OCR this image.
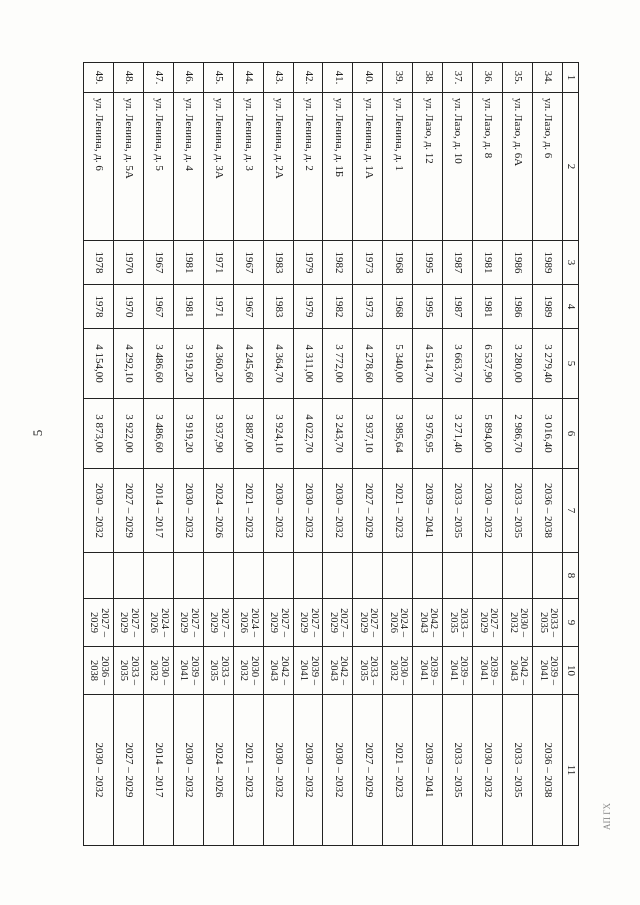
5
АП ГХ
1	2	3	4	5	6	7	8	9	10	11
34.	ул. Лазо, д. 6	1989	1989	3 279,40	3 016,40	2036 – 2038		2033 – 2035	2039 – 2041	2036 – 2038
35.	ул. Лазо, д. 6А	1986	1986	3 280,00	2 986,70	2033 – 2035		2030 – 2032	2042 – 2043	2033 – 2035
36.	ул. Лазо, д. 8	1981	1981	6 537,90	5 894,00	2030 – 2032		2027 – 2029	2039 – 2041	2030 – 2032
37.	ул. Лазо, д. 10	1987	1987	3 663,70	3 271,40	2033 – 2035		2033 – 2035	2039 – 2041	2033 – 2035
38.	ул. Лазо, д. 12	1995	1995	4 514,70	3 976,95	2039 – 2041		2042 – 2043	2039 – 2041	2039 – 2041
39.	ул. Ленина, д. 1	1968	1968	5 340,00	3 985,64	2021 – 2023		2024 – 2026	2030 – 2032	2021 – 2023
40.	ул. Ленина, д. 1А	1973	1973	4 278,60	3 937,10	2027 – 2029		2027 – 2029	2033 – 2035	2027 – 2029
41.	ул. Ленина, д. 1Б	1982	1982	3 772,00	3 243,70	2030 – 2032		2027 – 2029	2042 – 2043	2030 – 2032
42.	ул. Ленина, д. 2	1979	1979	4 311,00	4 022,70	2030 – 2032		2027 – 2029	2039 – 2041	2030 – 2032
43.	ул. Ленина, д. 2А	1983	1983	4 364,70	3 924,10	2030 – 2032		2027 – 2029	2042 – 2043	2030 – 2032
44.	ул. Ленина, д. 3	1967	1967	4 245,60	3 887,00	2021 – 2023		2024 – 2026	2030 – 2032	2021 – 2023
45.	ул. Ленина, д. 3А	1971	1971	4 360,20	3 937,90	2024 – 2026		2027 – 2029	2033 – 2035	2024 – 2026
46.	ул. Ленина, д. 4	1981	1981	3 919,20	3 919,20	2030 – 2032		2027 – 2029	2039 – 2041	2030 – 2032
47.	ул. Ленина, д. 5	1967	1967	3 486,60	3 486,60	2014 – 2017		2024 – 2026	2030 – 2032	2014 – 2017
48.	ул. Ленина, д. 5А	1970	1970	4 292,10	3 922,00	2027 – 2029		2027 – 2029	2033 – 2035	2027 – 2029
49.	ул. Ленина, д. 6	1978	1978	4 154,00	3 873,00	2030 – 2032		2027 – 2029	2036 – 2038	2030 – 2032
